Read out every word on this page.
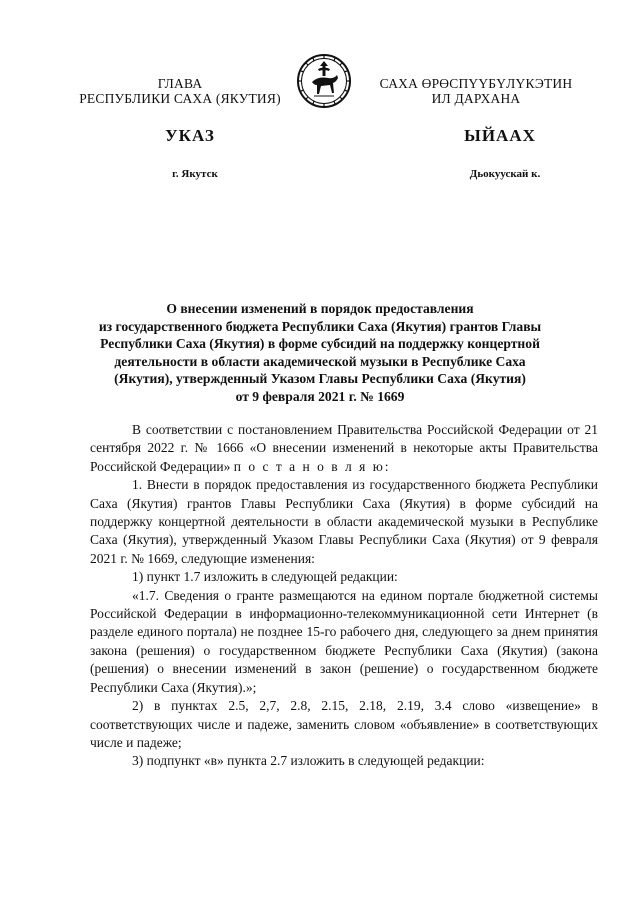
ГЛАВА
РЕСПУБЛИКИ САХА (ЯКУТИЯ)
САХА ӨРӨСПҮҮБҮЛҮКЭТИН
ИЛ ДАРХАНА
УКАЗ	ЫЙААХ
г. Якутск	Дьокуускай к.
О внесении изменений в порядок предоставления
из государственного бюджета Республики Саха (Якутия) грантов Главы
Республики Саха (Якутия) в форме субсидий на поддержку концертной
деятельности в области академической музыки в Республике Саха
(Якутия), утвержденный Указом Главы Республики Саха (Якутия)
от 9 февраля 2021 г. № 1669

В соответствии с постановлением Правительства Российской Федерации от 21 сентября 2022 г. № 1666 «О внесении изменений в некоторые акты Правительства Российской Федерации» п о с т а н о в л я ю:

1. Внести в порядок предоставления из государственного бюджета Республики Саха (Якутия) грантов Главы Республики Саха (Якутия) в форме субсидий на поддержку концертной деятельности в области академической музыки в Республике Саха (Якутия), утвержденный Указом Главы Республики Саха (Якутия) от 9 февраля 2021 г. № 1669, следующие изменения:

1) пункт 1.7 изложить в следующей редакции:

«1.7. Сведения о гранте размещаются на едином портале бюджетной системы Российской Федерации в информационно-телекоммуникационной сети Интернет (в разделе единого портала) не позднее 15-го рабочего дня, следующего за днем принятия закона (решения) о государственном бюджете Республики Саха (Якутия) (закона (решения) о внесении изменений в закон (решение) о государственном бюджете Республики Саха (Якутия).»;

2) в пунктах 2.5, 2,7, 2.8, 2.15, 2.18, 2.19, 3.4 слово «извещение» в соответствующих числе и падеже, заменить словом «объявление» в соответствующих числе и падеже;

3) подпункт «в» пункта 2.7 изложить в следующей редакции:
